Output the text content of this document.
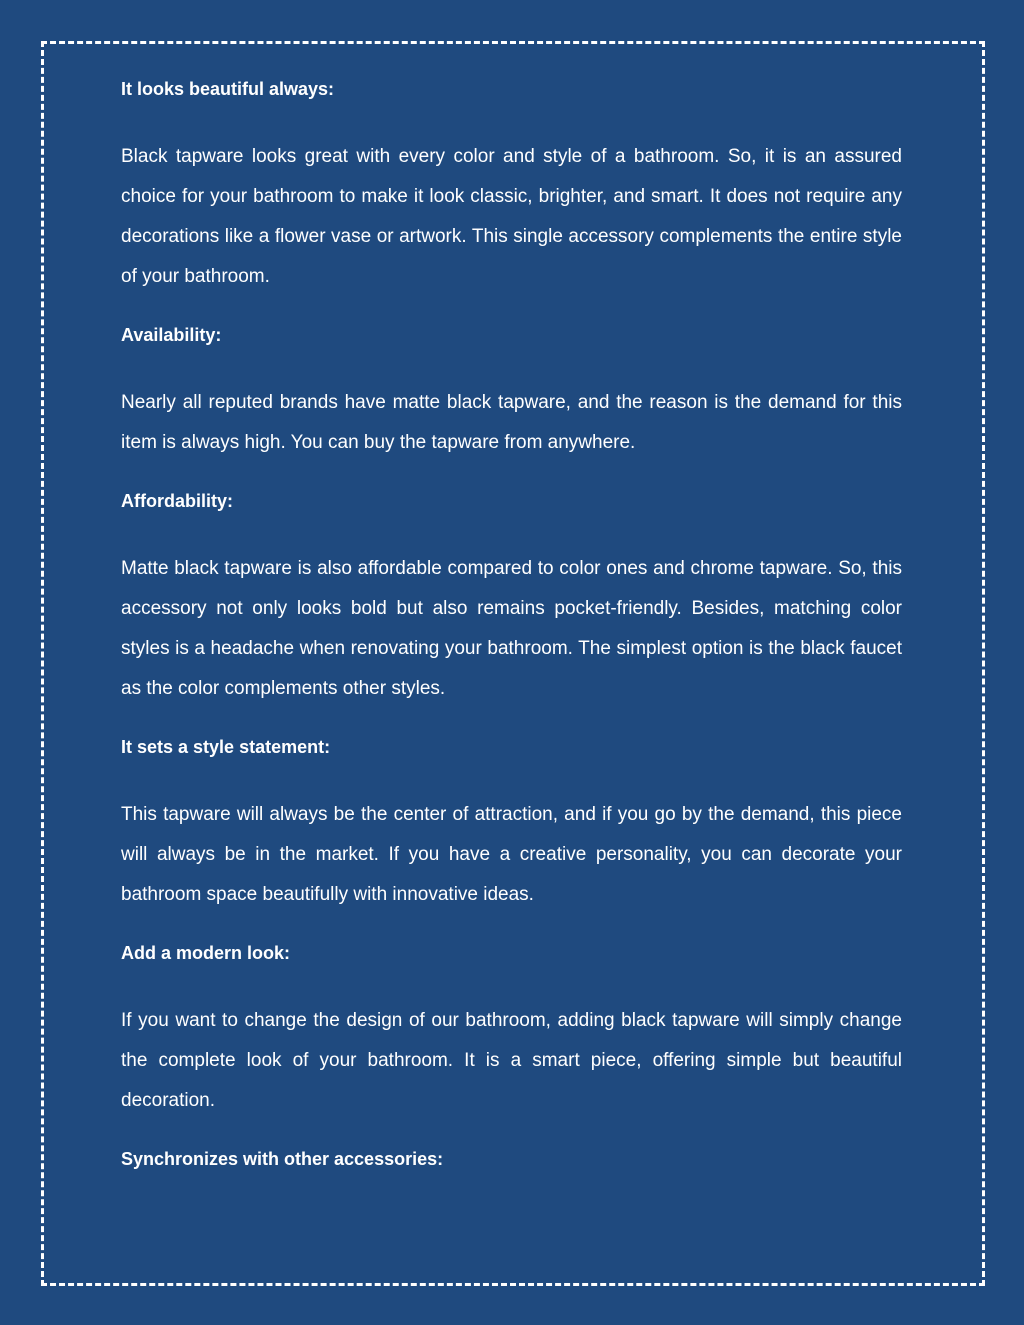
It looks beautiful always:
Black tapware looks great with every color and style of a bathroom. So, it is an assured choice for your bathroom to make it look classic, brighter, and smart. It does not require any decorations like a flower vase or artwork. This single accessory complements the entire style of your bathroom.
Availability:
Nearly all reputed brands have matte black tapware, and the reason is the demand for this item is always high. You can buy the tapware from anywhere.
Affordability:
Matte black tapware is also affordable compared to color ones and chrome tapware. So, this accessory not only looks bold but also remains pocket-friendly. Besides, matching color styles is a headache when renovating your bathroom. The simplest option is the black faucet as the color complements other styles.
It sets a style statement:
This tapware will always be the center of attraction, and if you go by the demand, this piece will always be in the market. If you have a creative personality, you can decorate your bathroom space beautifully with innovative ideas.
Add a modern look:
If you want to change the design of our bathroom, adding black tapware will simply change the complete look of your bathroom. It is a smart piece, offering simple but beautiful decoration.
Synchronizes with other accessories:
